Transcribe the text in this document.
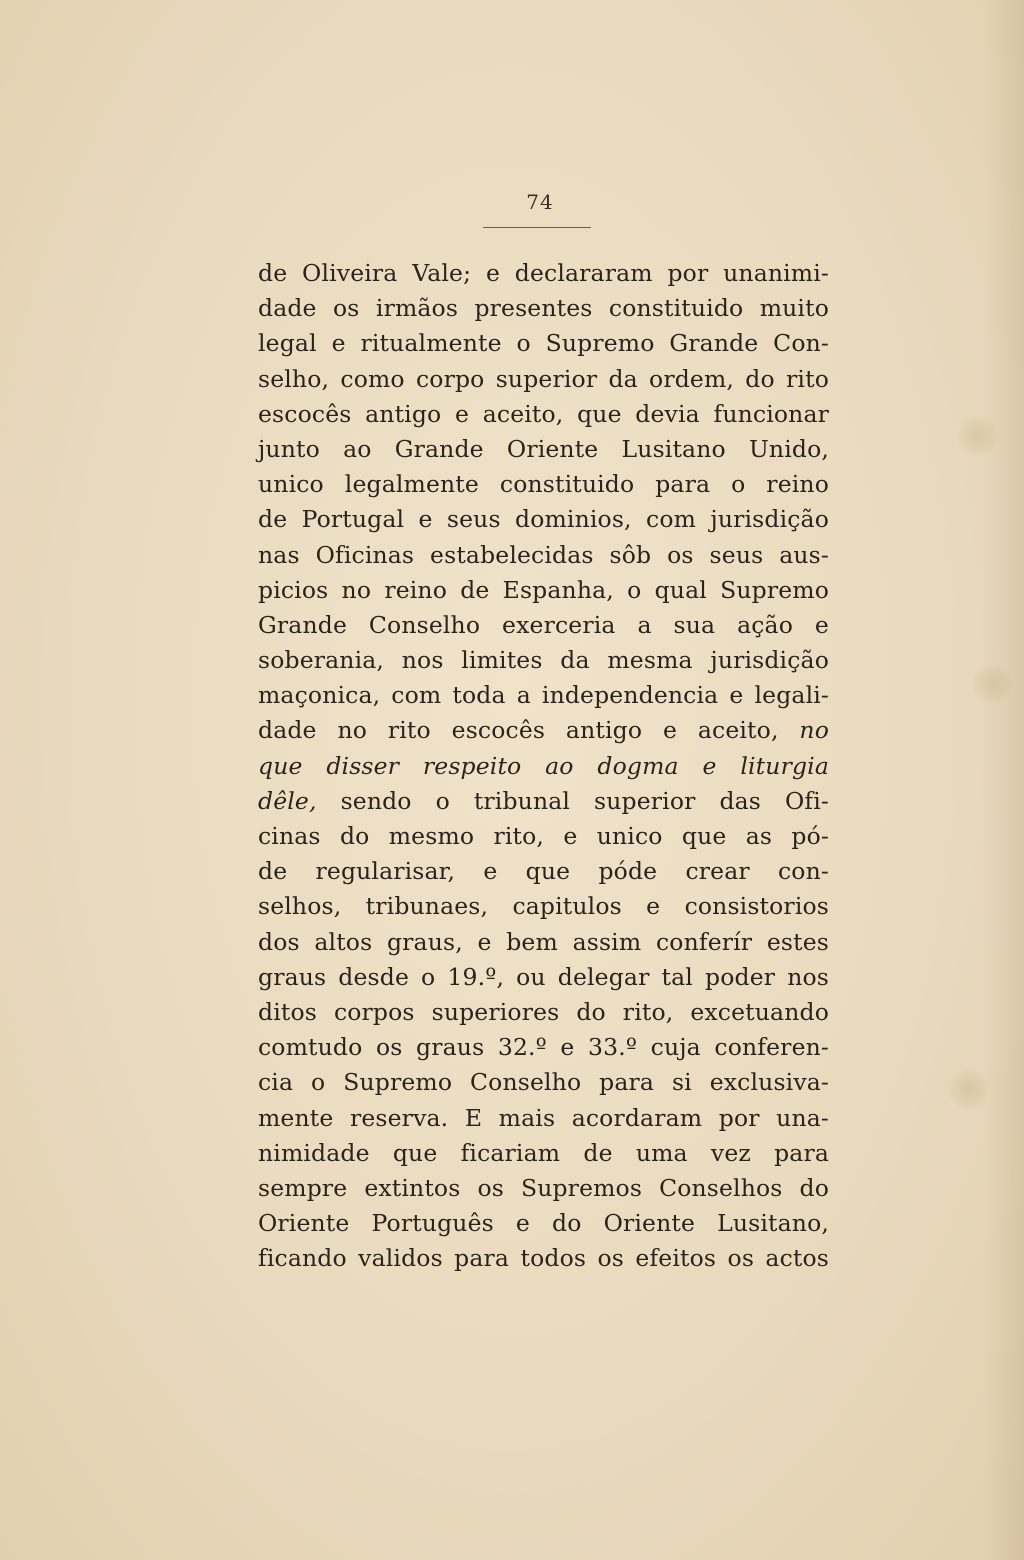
74
de Oliveira Vale; e declararam por unanimi-
dade os irmãos presentes constituido muito
legal e ritualmente o Supremo Grande Con-
selho, como corpo superior da ordem, do rito
escocês antigo e aceito, que devia funcionar
junto ao Grande Oriente Lusitano Unido,
unico legalmente constituido para o reino
de Portugal e seus dominios, com jurisdição
nas Oficinas estabelecidas sôb os seus aus-
picios no reino de Espanha, o qual Supremo
Grande Conselho exerceria a sua ação e
soberania, nos limites da mesma jurisdição
maçonica, com toda a independencia e legali-
dade no rito escocês antigo e aceito, no
que disser respeito ao dogma e liturgia
dêle, sendo o tribunal superior das Ofi-
cinas do mesmo rito, e unico que as pó-
de regularisar, e que póde crear con-
selhos, tribunaes, capitulos e consistorios
dos altos graus, e bem assim conferír estes
graus desde o 19.º, ou delegar tal poder nos
ditos corpos superiores do rito, excetuando
comtudo os graus 32.º e 33.º cuja conferen-
cia o Supremo Conselho para si exclusiva-
mente reserva. E mais acordaram por una-
nimidade que ficariam de uma vez para
sempre extintos os Supremos Conselhos do
Oriente Português e do Oriente Lusitano,
ficando validos para todos os efeitos os actos
